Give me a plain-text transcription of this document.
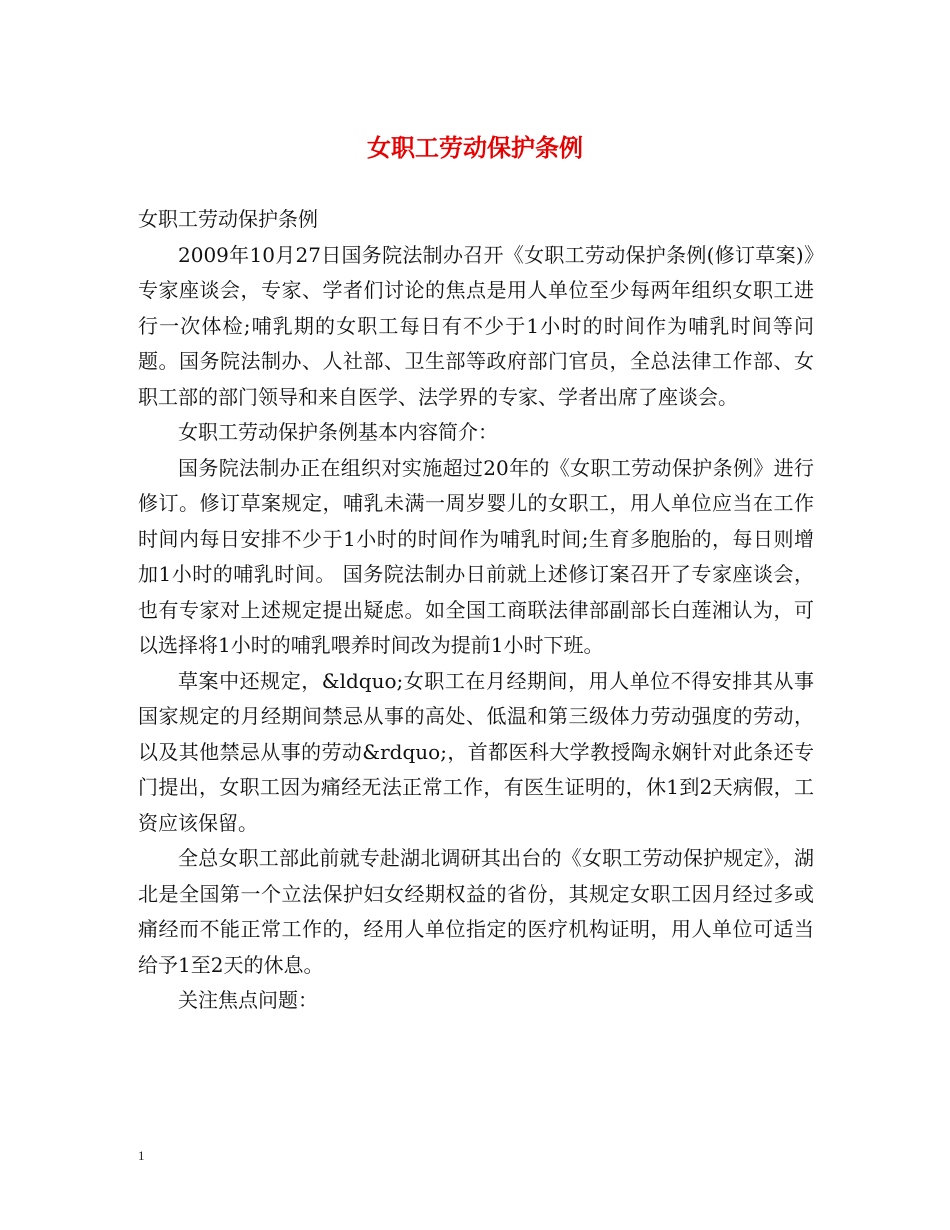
女职工劳动保护条例

女职工劳动保护条例

2009年10月27日国务院法制办召开《女职工劳动保护条例(修订草案)》专家座谈会，专家、学者们讨论的焦点是用人单位至少每两年组织女职工进行一次体检;哺乳期的女职工每日有不少于1小时的时间作为哺乳时间等问题。国务院法制办、人社部、卫生部等政府部门官员，全总法律工作部、女职工部的部门领导和来自医学、法学界的专家、学者出席了座谈会。

女职工劳动保护条例基本内容简介：

国务院法制办正在组织对实施超过20年的《女职工劳动保护条例》进行修订。修订草案规定，哺乳未满一周岁婴儿的女职工，用人单位应当在工作时间内每日安排不少于1小时的时间作为哺乳时间;生育多胞胎的，每日则增加1小时的哺乳时间。 国务院法制办日前就上述修订案召开了专家座谈会，也有专家对上述规定提出疑虑。如全国工商联法律部副部长白莲湘认为，可以选择将1小时的哺乳喂养时间改为提前1小时下班。

草案中还规定，&ldquo;女职工在月经期间，用人单位不得安排其从事国家规定的月经期间禁忌从事的高处、低温和第三级体力劳动强度的劳动，以及其他禁忌从事的劳动&rdquo;，首都医科大学教授陶永娴针对此条还专门提出，女职工因为痛经无法正常工作，有医生证明的，休1到2天病假，工资应该保留。

全总女职工部此前就专赴湖北调研其出台的《女职工劳动保护规定》，湖北是全国第一个立法保护妇女经期权益的省份，其规定女职工因月经过多或痛经而不能正常工作的，经用人单位指定的医疗机构证明，用人单位可适当给予1至2天的休息。

关注焦点问题：

1
